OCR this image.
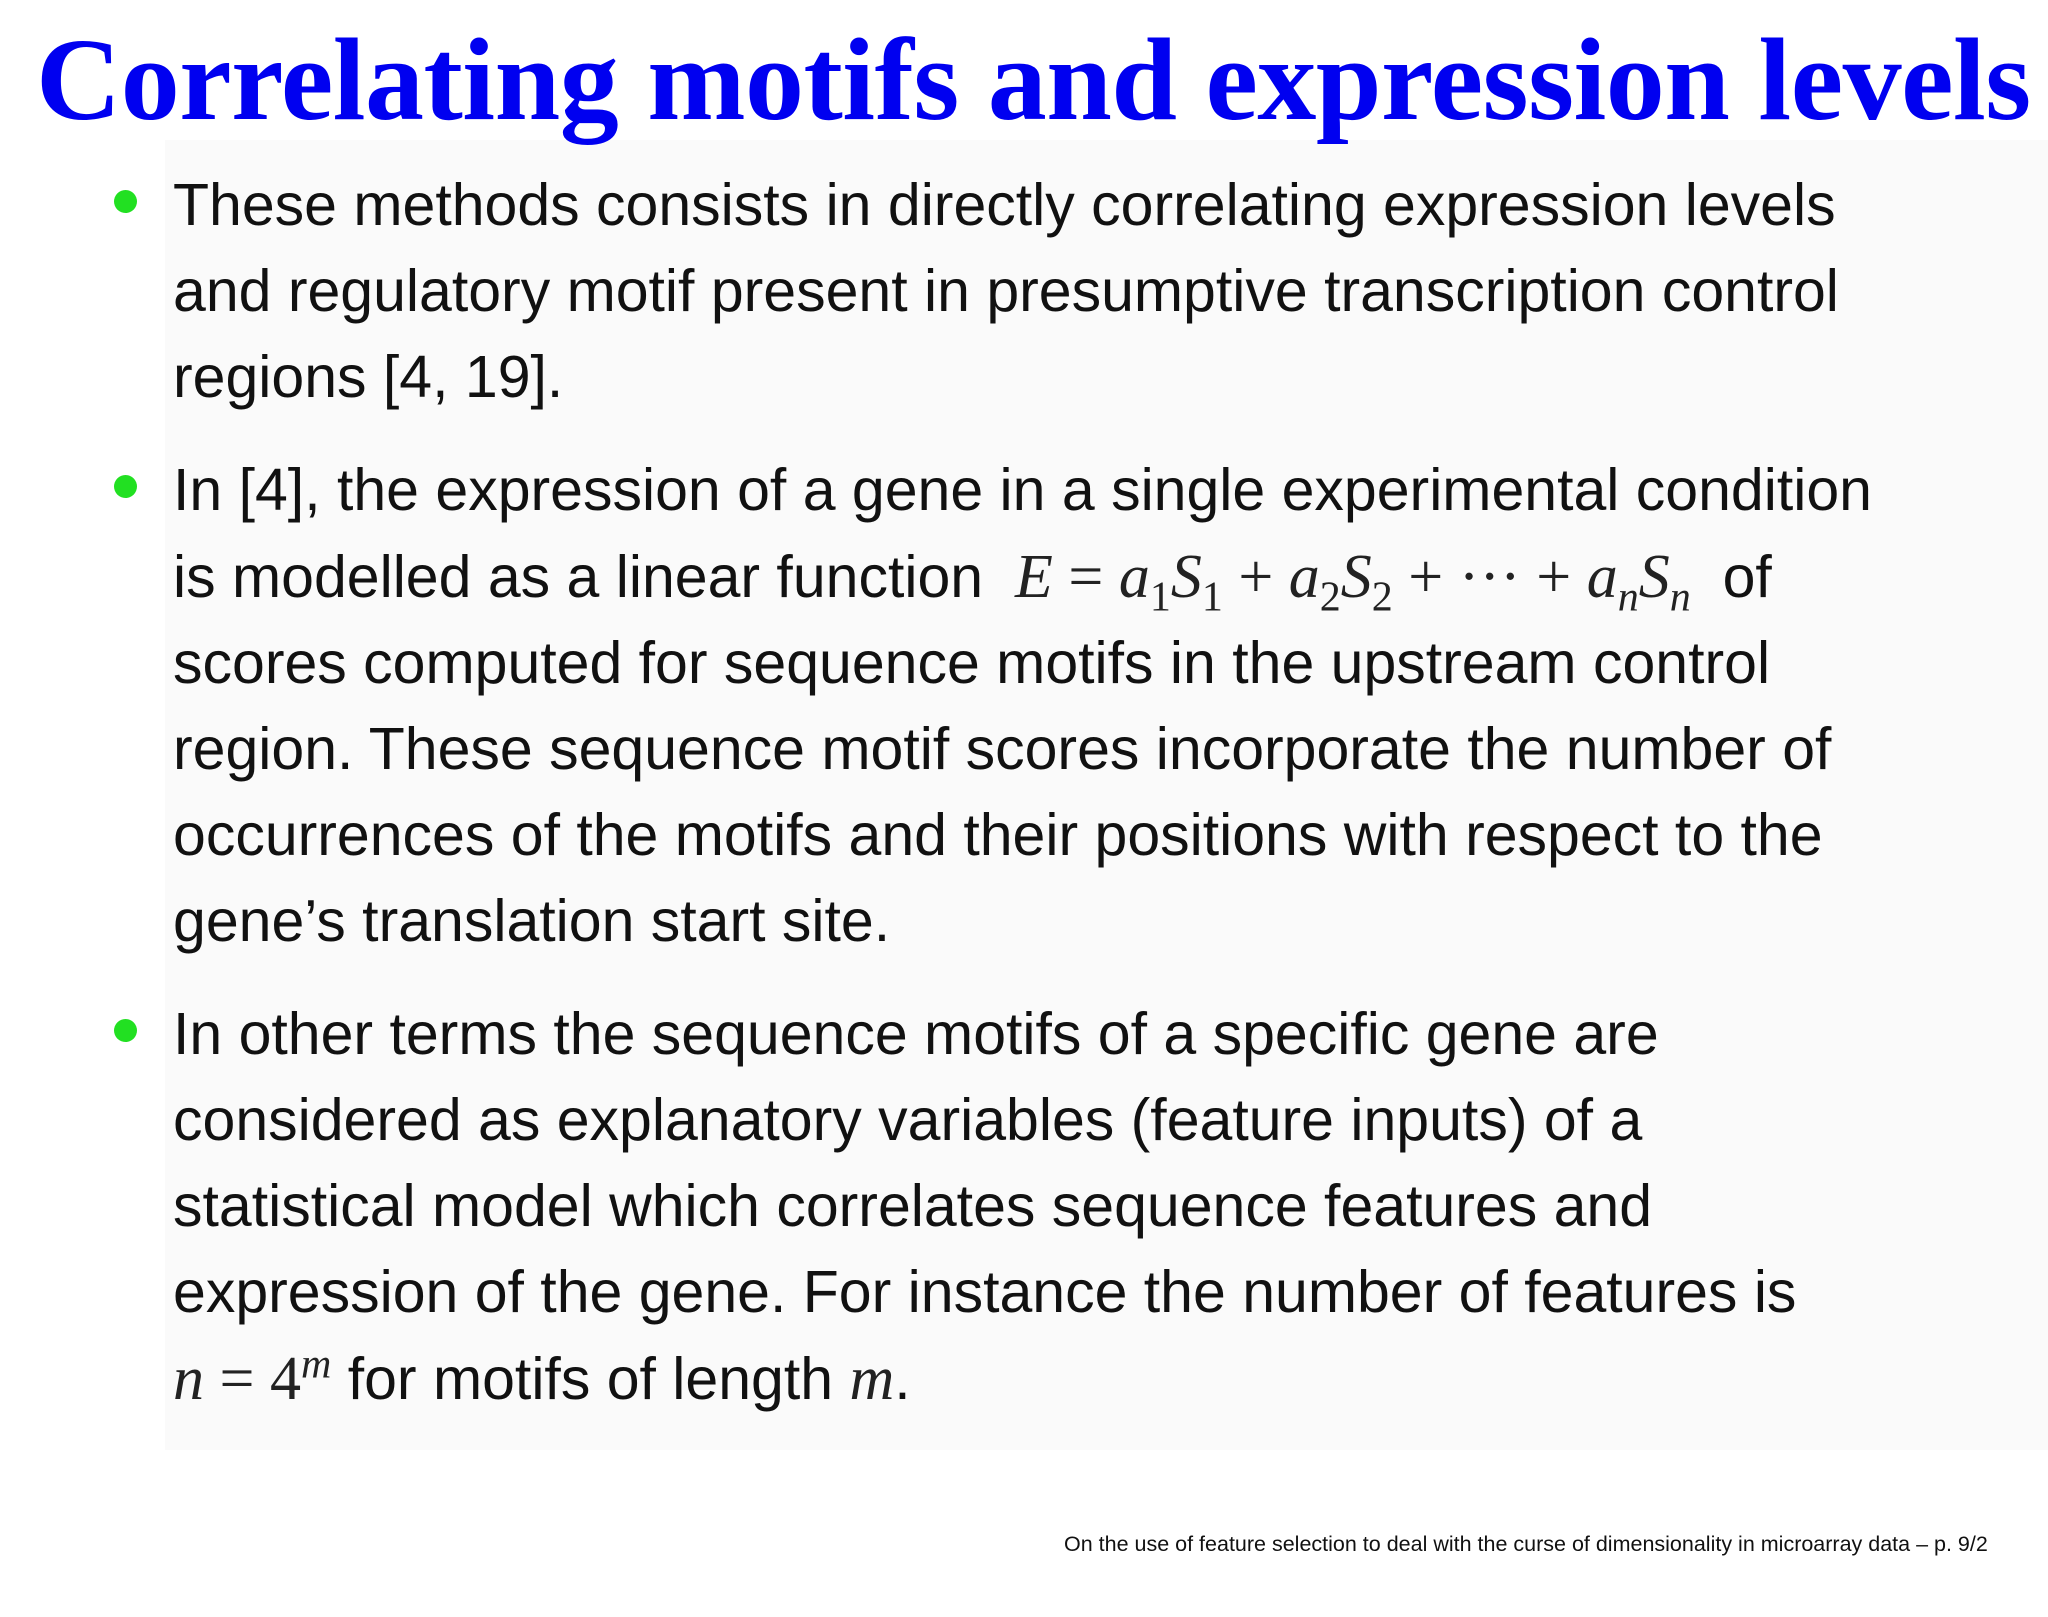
Correlating motifs and expression levels
These methods consists in directly correlating expression levels
and regulatory motif present in presumptive transcription control
regions [4, 19].
In [4], the expression of a gene in a single experimental condition
is modelled as a linear function $E = a_1S_1 + a_2S_2$ + ··· + $a_nS_n$ of
scores computed for sequence motifs in the upstream control
region. These sequence motif scores incorporate the number of
occurrences of the motifs and their positions with respect to the
gene’s translation start site.
In other terms the sequence motifs of a specific gene are
considered as explanatory variables (feature inputs) of a
statistical model which correlates sequence features and
expression of the gene. For instance the number of features is
$n = 4^m$ for motifs of length m.
On the use of feature selection to deal with the curse of dimensionality in microarray data – p. 9/2
